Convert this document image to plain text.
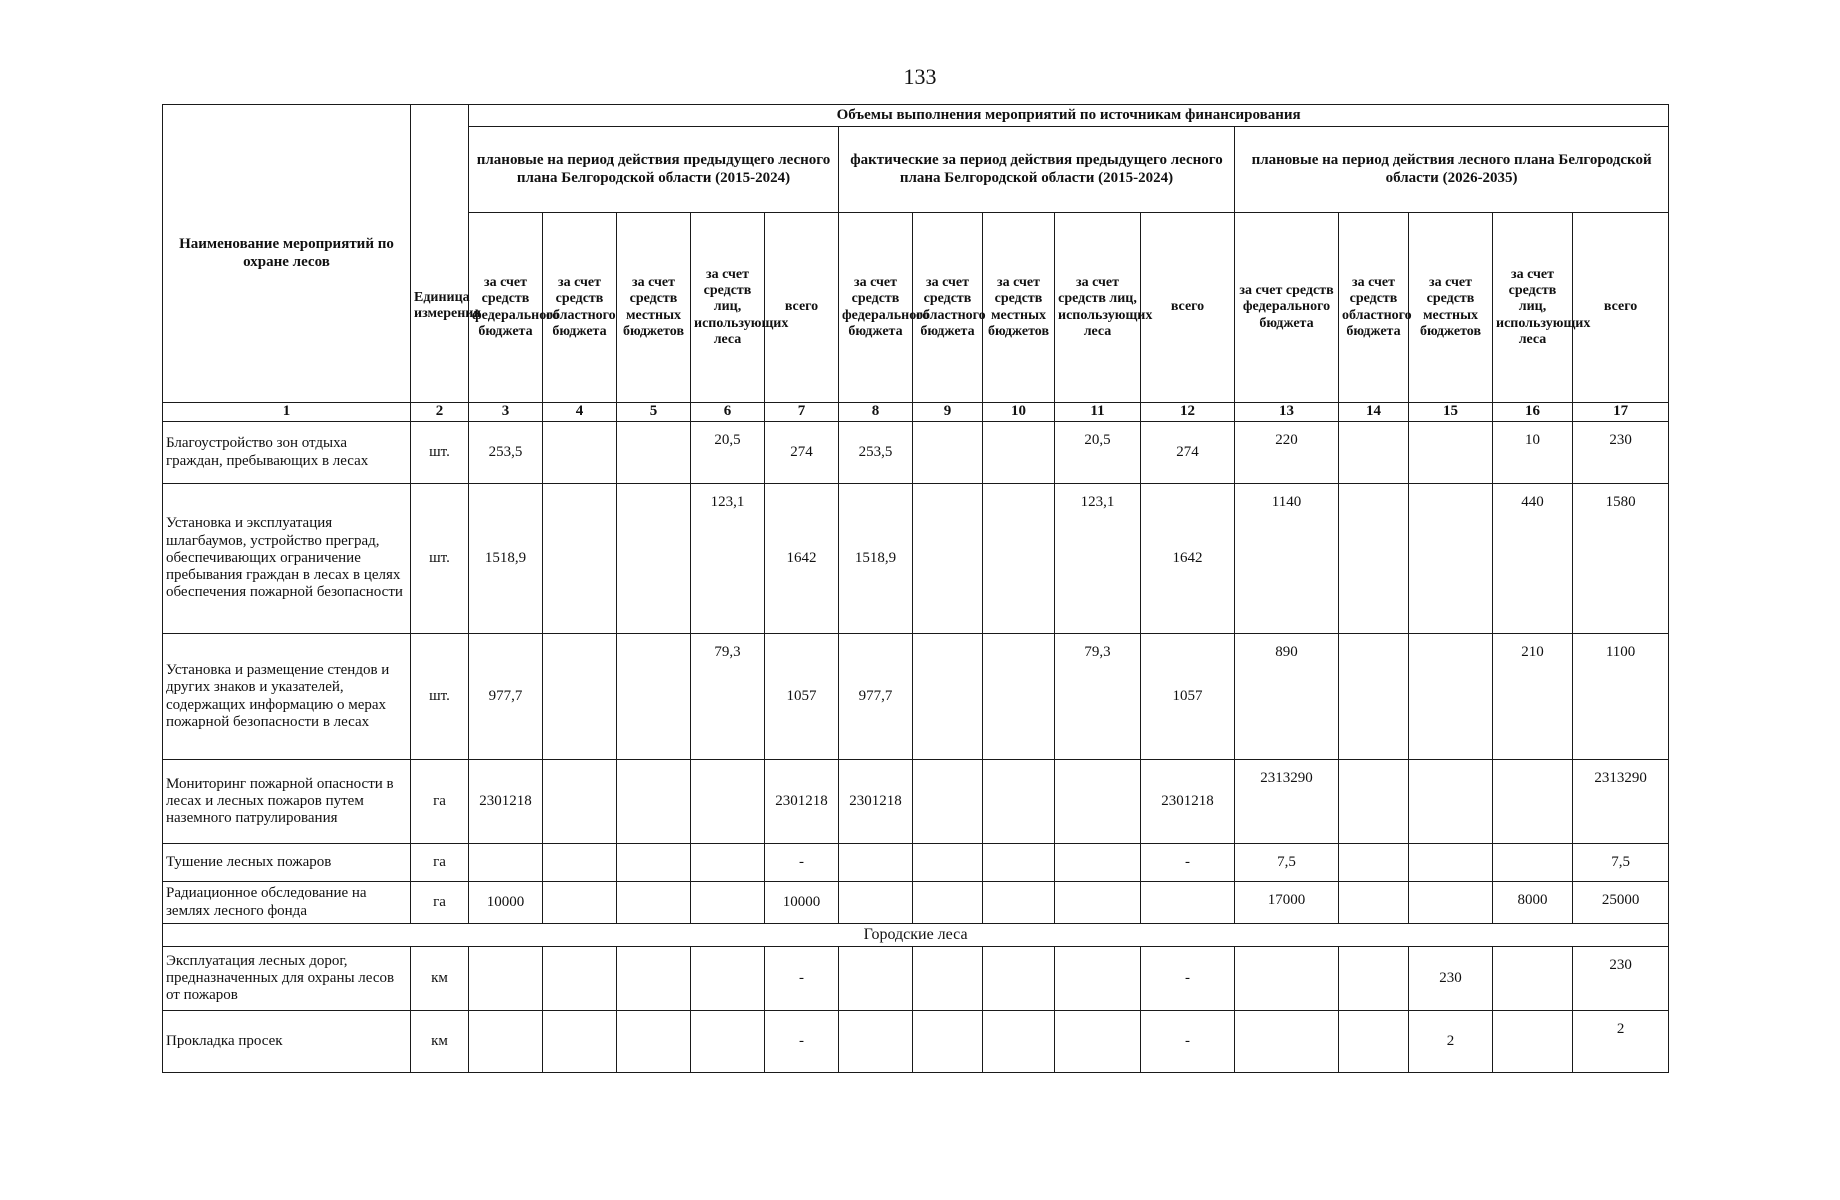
133
Наименование мероприятий по охране лесов	Единица измерения	Объемы выполнения мероприятий по источникам финансирования														
		плановые на период действия предыдущего лесного плана Белгородской области (2015-2024)					фактические за период действия предыдущего лесного плана Белгородской области (2015-2024)					плановые на период действия лесного плана Белгородской области (2026-2035)				
		за счет средств федерального бюджета	за счет средств областного бюджета	за счет средств местных бюджетов	за счет средств лиц, использующих леса	всего	за счет средств федерального бюджета	за счет средств областного бюджета	за счет средств местных бюджетов	за счет средств лиц, использующих леса	всего	за счет средств федерального бюджета	за счет средств областного бюджета	за счет средств местных бюджетов	за счет средств лиц, использующих леса	всего
1	2	3	4	5	6	7	8	9	10	11	12	13	14	15	16	17
Благоустройство зон отдыха граждан, пребывающих в лесах	шт.	253,5			20,5	274	253,5			20,5	274	220			10	230
Установка и эксплуатация шлагбаумов, устройство преград, обеспечивающих ограничение пребывания граждан в лесах в целях обеспечения пожарной безопасности	шт.	1518,9			123,1	1642	1518,9			123,1	1642	1140			440	1580
Установка и размещение стендов и других знаков и указателей, содержащих информацию о мерах пожарной безопасности в лесах	шт.	977,7			79,3	1057	977,7			79,3	1057	890			210	1100
Мониторинг пожарной опасности в лесах и лесных пожаров путем наземного патрулирования	га	2301218				2301218	2301218				2301218	2313290				2313290
Тушение лесных пожаров	га					-					-	7,5				7,5
Радиационное обследование на землях лесного фонда	га	10000				10000						17000			8000	25000
Городские леса																
Эксплуатация лесных дорог, предназначенных для охраны лесов от пожаров	км					-					-			230		230
Прокладка просек	км					-					-			2		2
